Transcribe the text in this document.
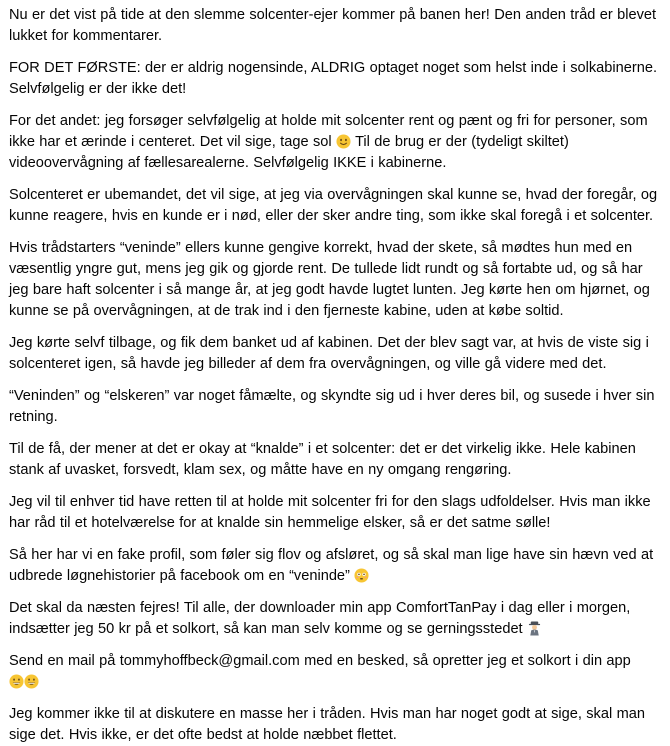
Nu er det vist på tide at den slemme solcenter-ejer kommer på banen her! Den anden tråd er blevet lukket for kommentarer.

FOR DET FØRSTE: der er aldrig nogensinde, ALDRIG optaget noget som helst inde i solkabinerne. Selvfølgelig er der ikke det!

For det andet: jeg forsøger selvfølgelig at holde mit solcenter rent og pænt og fri for personer, som ikke har et ærinde i centeret. Det vil sige, tage sol Til de brug er der (tydeligt skiltet) videoovervågning af fællesarealerne. Selvfølgelig IKKE i kabinerne.

Solcenteret er ubemandet, det vil sige, at jeg via overvågningen skal kunne se, hvad der foregår, og kunne reagere, hvis en kunde er i nød, eller der sker andre ting, som ikke skal foregå i et solcenter.

Hvis trådstarters “veninde” ellers kunne gengive korrekt, hvad der skete, så mødtes hun med en væsentlig yngre gut, mens jeg gik og gjorde rent. De tullede lidt rundt og så fortabte ud, og så har jeg bare haft solcenter i så mange år, at jeg godt havde lugtet lunten. Jeg kørte hen om hjørnet, og kunne se på overvågningen, at de trak ind i den fjerneste kabine, uden at købe soltid.

Jeg kørte selvf tilbage, og fik dem banket ud af kabinen. Det der blev sagt var, at hvis de viste sig i solcenteret igen, så havde jeg billeder af dem fra overvågningen, og ville gå videre med det.

“Veninden” og “elskeren” var noget fåmælte, og skyndte sig ud i hver deres bil, og susede i hver sin retning.

Til de få, der mener at det er okay at “knalde” i et solcenter: det er det virkelig ikke. Hele kabinen stank af uvasket, forsvedt, klam sex, og måtte have en ny omgang rengøring.

Jeg vil til enhver tid have retten til at holde mit solcenter fri for den slags udfoldelser. Hvis man ikke har råd til et hotelværelse for at knalde sin hemmelige elsker, så er det satme sølle!

Så her har vi en fake profil, som føler sig flov og afsløret, og så skal man lige have sin hævn ved at udbrede løgnehistorier på facebook om en “veninde”

Det skal da næsten fejres! Til alle, der downloader min app ComfortTanPay i dag eller i morgen, indsætter jeg 50 kr på et solkort, så kan man selv komme og se gerningsstedet

Send en mail på tommyhoffbeck@gmail.com med en besked, så opretter jeg et solkort i din app

Jeg kommer ikke til at diskutere en masse her i tråden. Hvis man har noget godt at sige, skal man sige det. Hvis ikke, er det ofte bedst at holde næbbet flettet.
